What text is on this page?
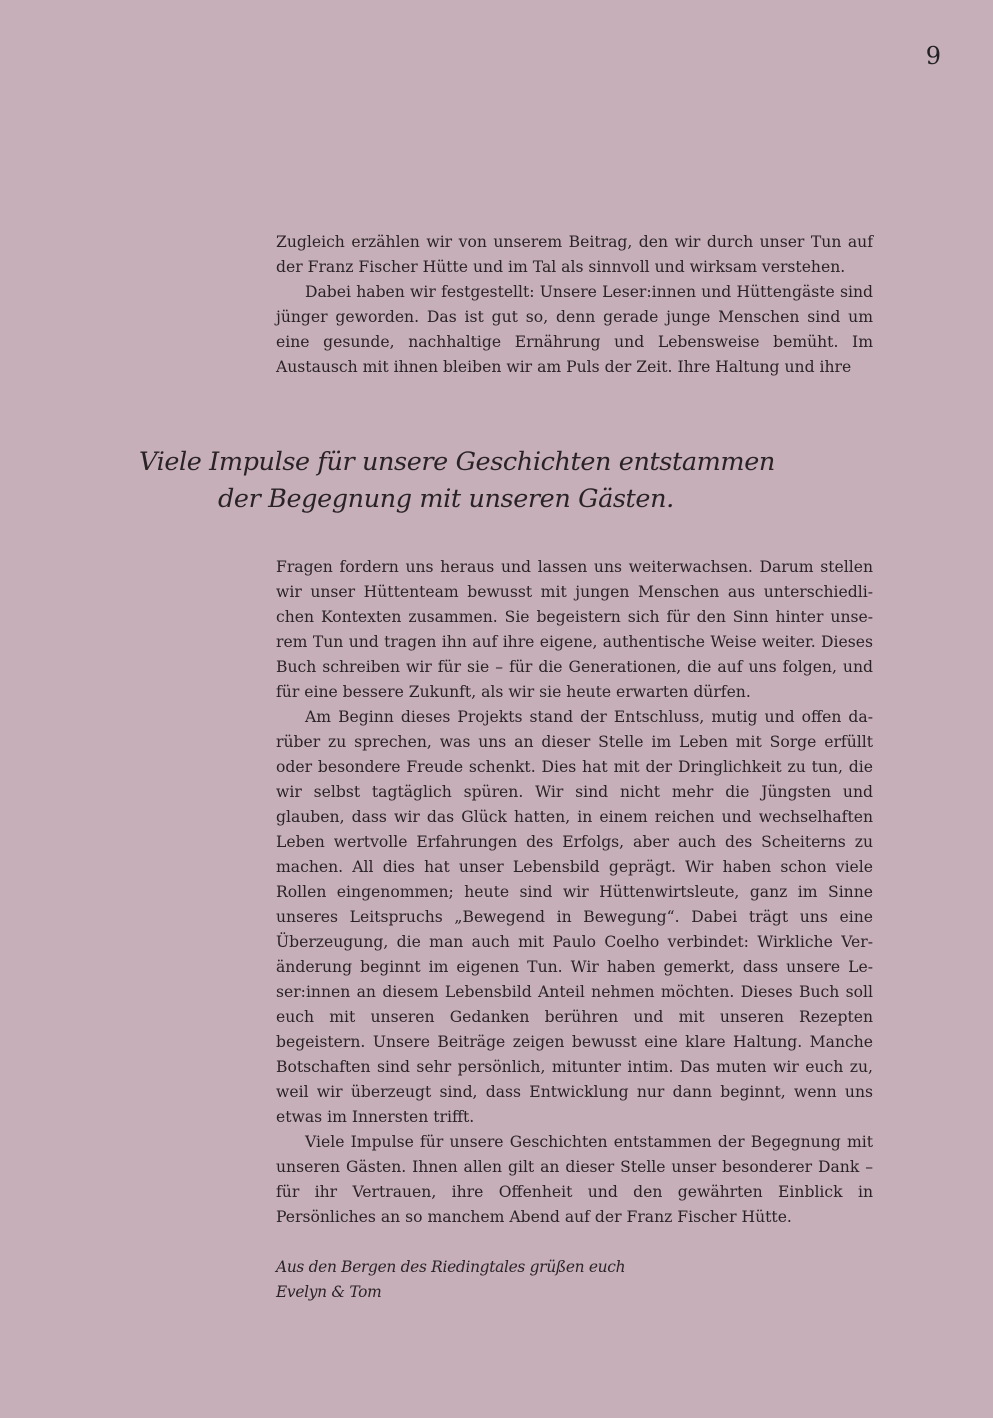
9

Zugleich erzählen wir von unserem Beitrag, den wir durch unser Tun auf der Franz Fischer Hütte und im Tal als sinnvoll und wirksam verstehen.

Dabei haben wir festgestellt: Unsere Leser:innen und Hüttengäste sind jünger geworden. Das ist gut so, denn gerade junge Menschen sind um eine gesunde, nachhaltige Ernährung und Lebensweise bemüht. Im Austausch mit ihnen bleiben wir am Puls der Zeit. Ihre Haltung und ihre

Viele Impulse für unsere Geschichten entstammen
der Begegnung mit unseren Gästen.

Fragen fordern uns heraus und lassen uns weiterwachsen. Darum stellen wir unser Hüttenteam bewusst mit jungen Menschen aus unterschiedlichen Kontexten zusammen. Sie begeistern sich für den Sinn hinter unserem Tun und tragen ihn auf ihre eigene, authentische Weise weiter. Dieses Buch schreiben wir für sie – für die Generationen, die auf uns folgen, und für eine bessere Zukunft, als wir sie heute erwarten dürfen.

Am Beginn dieses Projekts stand der Entschluss, mutig und offen darüber zu sprechen, was uns an dieser Stelle im Leben mit Sorge erfüllt oder besondere Freude schenkt. Dies hat mit der Dringlichkeit zu tun, die wir selbst tagtäglich spüren. Wir sind nicht mehr die Jüngsten und glauben, dass wir das Glück hatten, in einem reichen und wechselhaften Leben wertvolle Erfahrungen des Erfolgs, aber auch des Scheiterns zu machen. All dies hat unser Lebensbild geprägt. Wir haben schon viele Rollen eingenommen; heute sind wir Hüttenwirtsleute, ganz im Sinne unseres Leitspruchs „Bewegend in Bewegung“. Dabei trägt uns eine Überzeugung, die man auch mit Paulo Coelho verbindet: Wirkliche Veränderung beginnt im eigenen Tun. Wir haben gemerkt, dass unsere Leser:innen an diesem Lebensbild Anteil nehmen möchten. Dieses Buch soll euch mit unseren Gedanken berühren und mit unseren Rezepten begeistern. Unsere Beiträge zeigen bewusst eine klare Haltung. Manche Botschaften sind sehr persönlich, mitunter intim. Das muten wir euch zu, weil wir überzeugt sind, dass Entwicklung nur dann beginnt, wenn uns etwas im Innersten trifft.

Viele Impulse für unsere Geschichten entstammen der Begegnung mit unseren Gästen. Ihnen allen gilt an dieser Stelle unser besonderer Dank – für ihr Vertrauen, ihre Offenheit und den gewährten Einblick in Persönliches an so manchem Abend auf der Franz Fischer Hütte.

Aus den Bergen des Riedingtales grüßen euch
Evelyn & Tom
